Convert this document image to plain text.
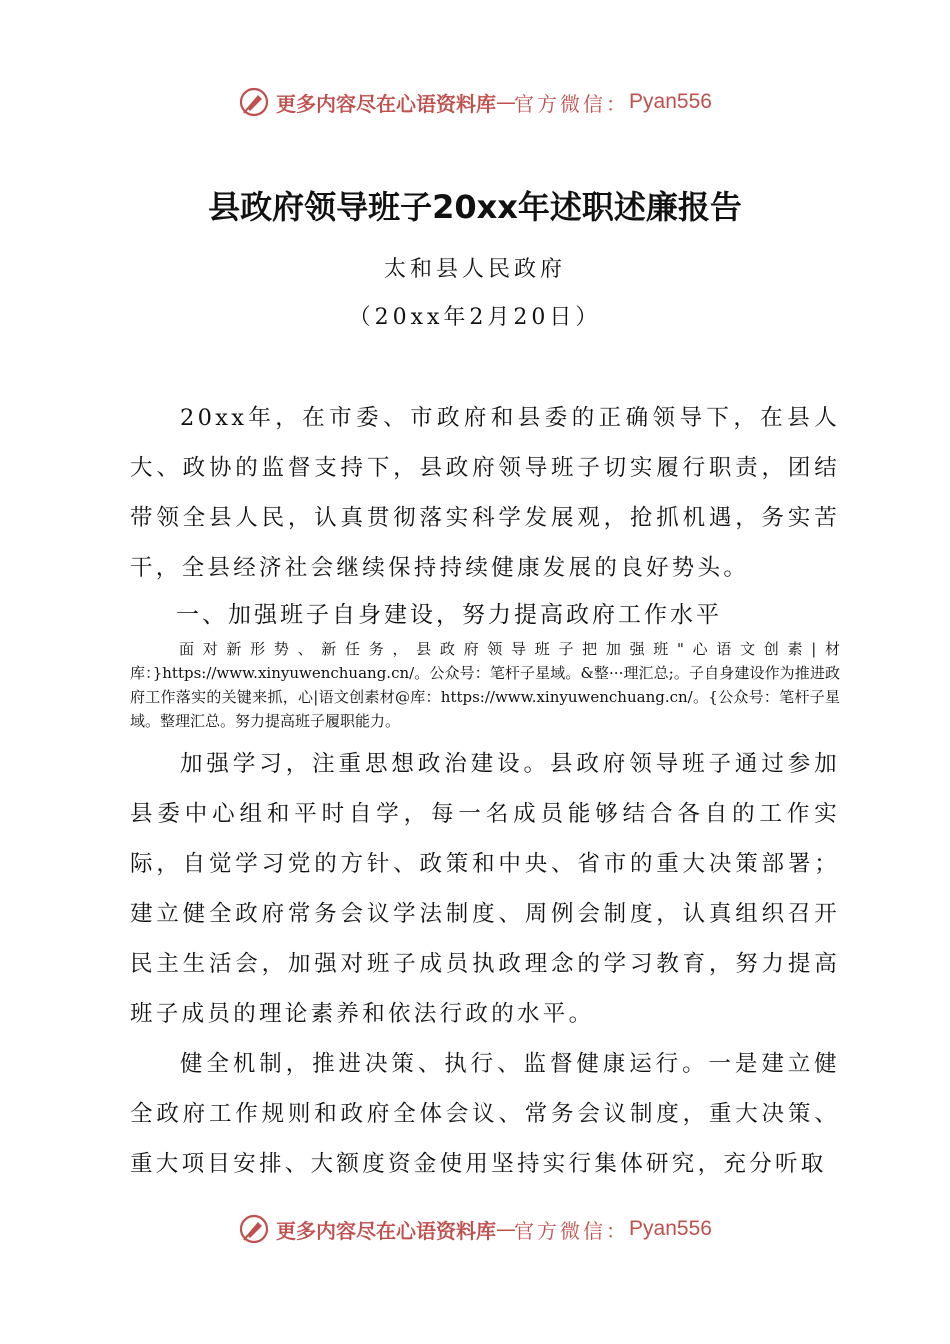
更多内容尽在心语资料库 — 官方微信： Pyan556
县政府领导班子20xx年述职述廉报告

太和县人民政府

（20xx年2月20日）

20xx年，在市委、市政府和县委的正确领导下，在县人大、政协的监督支持下，县政府领导班子切实履行职责，团结带领全县人民，认真贯彻落实科学发展观，抢抓机遇，务实苦干，全县经济社会继续保持持续健康发展的良好势头。

一、加强班子自身建设，努力提高政府工作水平

面对新形势、新任务，县政府领导班子把加强班"心语文创素|材库：}https://www.xinyuwenchuang.cn/。公众号：笔杆子星域。&整···理汇总;。子自身建设作为推进政府工作落实的关键来抓，心|语文创素材@库：https://www.xinyuwenchuang.cn/。{公众号：笔杆子星域。整理汇总。努力提高班子履职能力。

加强学习，注重思想政治建设。县政府领导班子通过参加县委中心组和平时自学，每一名成员能够结合各自的工作实际，自觉学习党的方针、政策和中央、省市的重大决策部署；建立健全政府常务会议学法制度、周例会制度，认真组织召开民主生活会，加强对班子成员执政理念的学习教育，努力提高班子成员的理论素养和依法行政的水平。

健全机制，推进决策、执行、监督健康运行。一是建立健全政府工作规则和政府全体会议、常务会议制度，重大决策、重大项目安排、大额度资金使用坚持实行集体研究，充分听取

更多内容尽在心语资料库 — 官方微信： Pyan556
